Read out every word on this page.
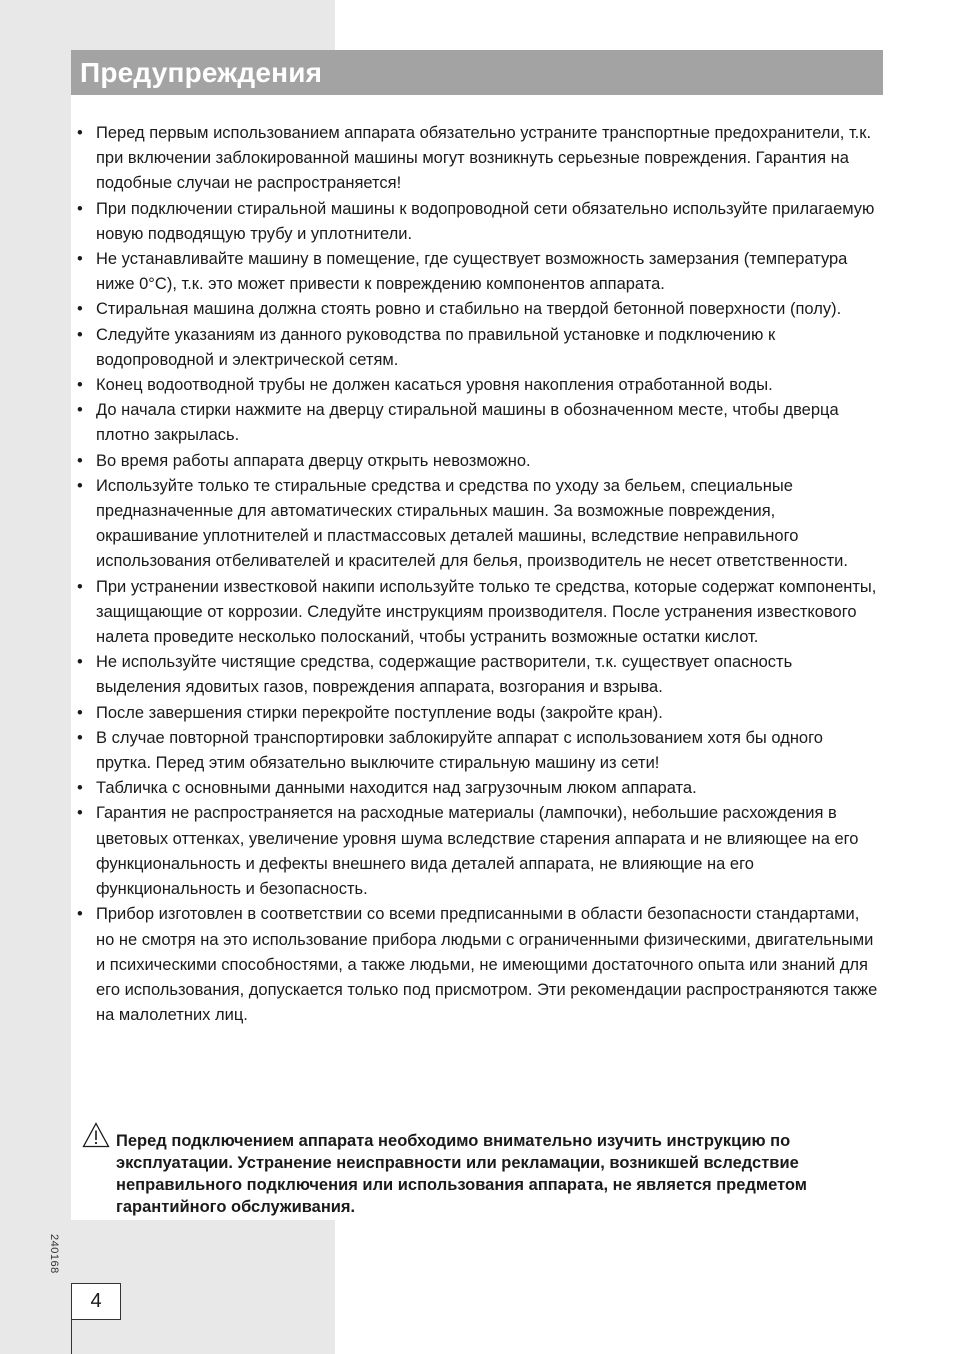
Предупреждения
• Перед первым использованием аппарата обязательно устраните транспортные предохранители, т.к. при включении заблокированной машины могут возникнуть серьезные повреждения. Гарантия на подобные случаи не распространяется!
• При подключении стиральной машины к водопроводной сети обязательно используйте прилагаемую новую подводящую трубу и уплотнители.
• Не устанавливайте машину в помещение, где существует возможность замерзания (температура ниже 0°C), т.к. это может привести к повреждению компонентов аппарата.
• Стиральная машина должна стоять ровно и стабильно на твердой бетонной поверхности (полу).
• Следуйте указаниям из данного руководства по правильной установке и подключению к водопроводной и электрической сетям.
• Конец водоотводной трубы не должен касаться уровня накопления отработанной воды.
• До начала стирки нажмите на дверцу стиральной машины в обозначенном месте, чтобы дверца плотно закрылась.
• Во время работы аппарата дверцу открыть невозможно.
• Используйте только те стиральные средства и средства по уходу за бельем, специальные предназначенные для автоматических стиральных машин. За возможные повреждения, окрашивание уплотнителей и пластмассовых деталей машины, вследствие неправильного использования отбеливателей и красителей для белья, производитель не несет ответственности.
• При устранении известковой накипи используйте только те средства, которые содержат компоненты, защищающие от коррозии. Следуйте инструкциям производителя. После устранения известкового налета проведите несколько полосканий, чтобы устранить возможные остатки кислот.
• Не используйте чистящие средства, содержащие растворители, т.к. существует опасность выделения ядовитых газов, повреждения аппарата, возгорания и взрыва.
• После завершения стирки перекройте поступление воды (закройте кран).
• В случае повторной транспортировки заблокируйте аппарат с использованием хотя бы одного прутка. Перед этим обязательно выключите стиральную машину из сети!
• Табличка с основными данными находится над загрузочным люком аппарата.
• Гарантия не распространяется на расходные материалы (лампочки), небольшие расхождения в цветовых оттенках, увеличение уровня шума вследствие старения аппарата и не влияющее на его функциональность и дефекты внешнего вида деталей аппарата, не влияющие на его функциональность и безопасность.
• Прибор изготовлен в соответствии со всеми предписанными в области безопасности стандартами, но не смотря на это использование прибора людьми с ограниченными физическими, двигательными и психическими способностями, а также людьми, не имеющими достаточного опыта или знаний для его использования, допускается только под присмотром. Эти рекомендации распространяются также на малолетних лиц.
Перед подключением аппарата необходимо внимательно изучить инструкцию по эксплуатации. Устранение неисправности или рекламации, возникшей вследствие неправильного подключения или использования аппарата, не является предметом гарантийного обслуживания.
240168
4
